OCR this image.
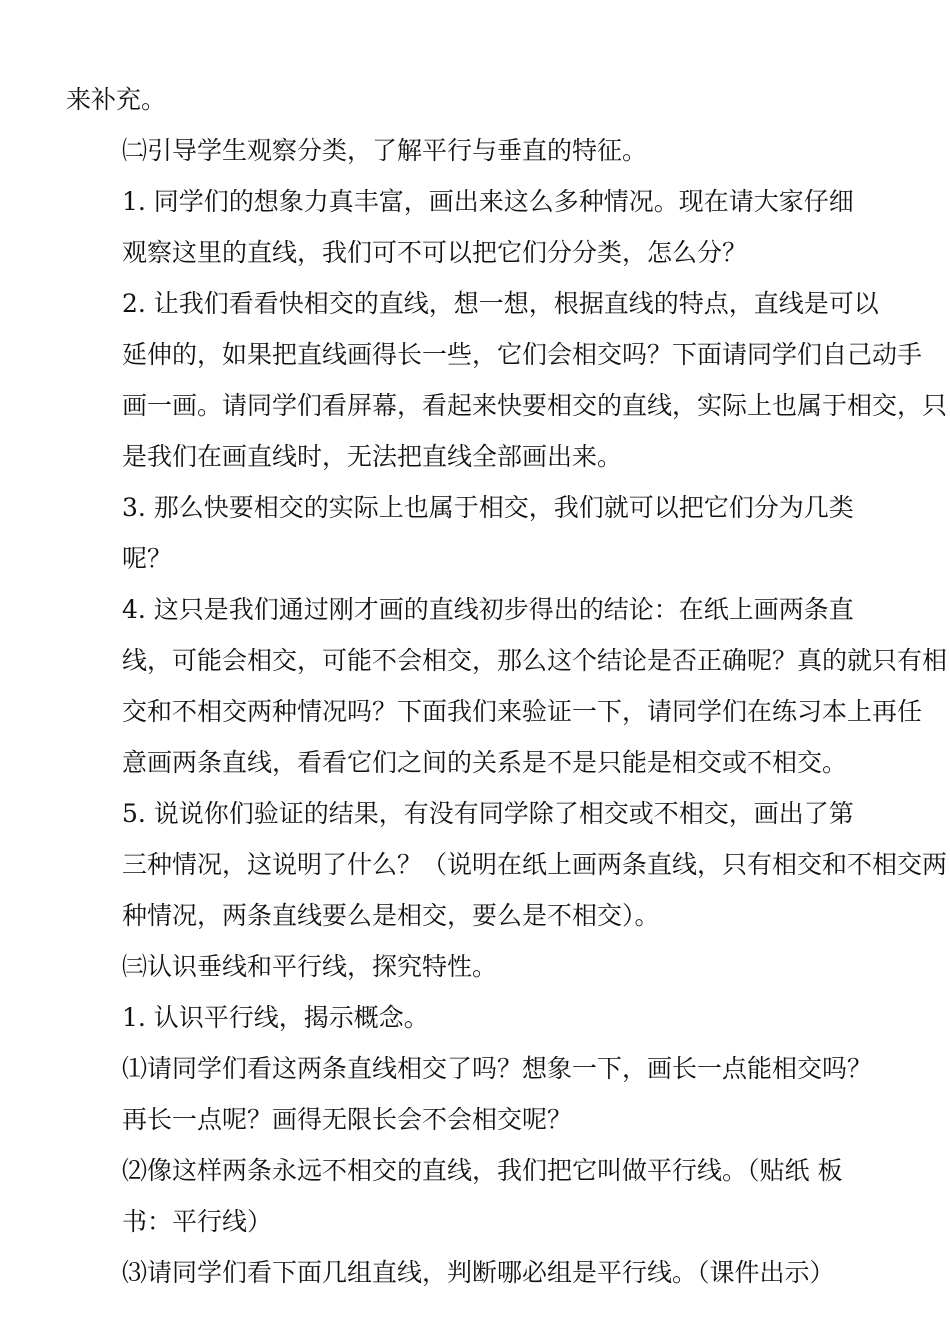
来补充。
㈡引导学生观察分类，了解平行与垂直的特征。
1. 同学们的想象力真丰富，画出来这么多种情况。现在请大家仔细
观察这里的直线，我们可不可以把它们分分类，怎么分？
2. 让我们看看快相交的直线，想一想，根据直线的特点，直线是可以
延伸的，如果把直线画得长一些，它们会相交吗？下面请同学们自己动手
画一画。请同学们看屏幕，看起来快要相交的直线，实际上也属于相交，只
是我们在画直线时，无法把直线全部画出来。
3. 那么快要相交的实际上也属于相交，我们就可以把它们分为几类
呢？
4. 这只是我们通过刚才画的直线初步得出的结论：在纸上画两条直
线，可能会相交，可能不会相交，那么这个结论是否正确呢？真的就只有相
交和不相交两种情况吗？下面我们来验证一下，请同学们在练习本上再任
意画两条直线，看看它们之间的关系是不是只能是相交或不相交。
5. 说说你们验证的结果，有没有同学除了相交或不相交，画出了第
三种情况，这说明了什么？（说明在纸上画两条直线，只有相交和不相交两
种情况，两条直线要么是相交，要么是不相交）。
㈢认识垂线和平行线，探究特性。
1. 认识平行线，揭示概念。
⑴请同学们看这两条直线相交了吗？想象一下，画长一点能相交吗？
再长一点呢？画得无限长会不会相交呢？
⑵像这样两条永远不相交的直线，我们把它叫做平行线。（贴纸 板
书：平行线）
⑶请同学们看下面几组直线，判断哪必组是平行线。（课件出示）
